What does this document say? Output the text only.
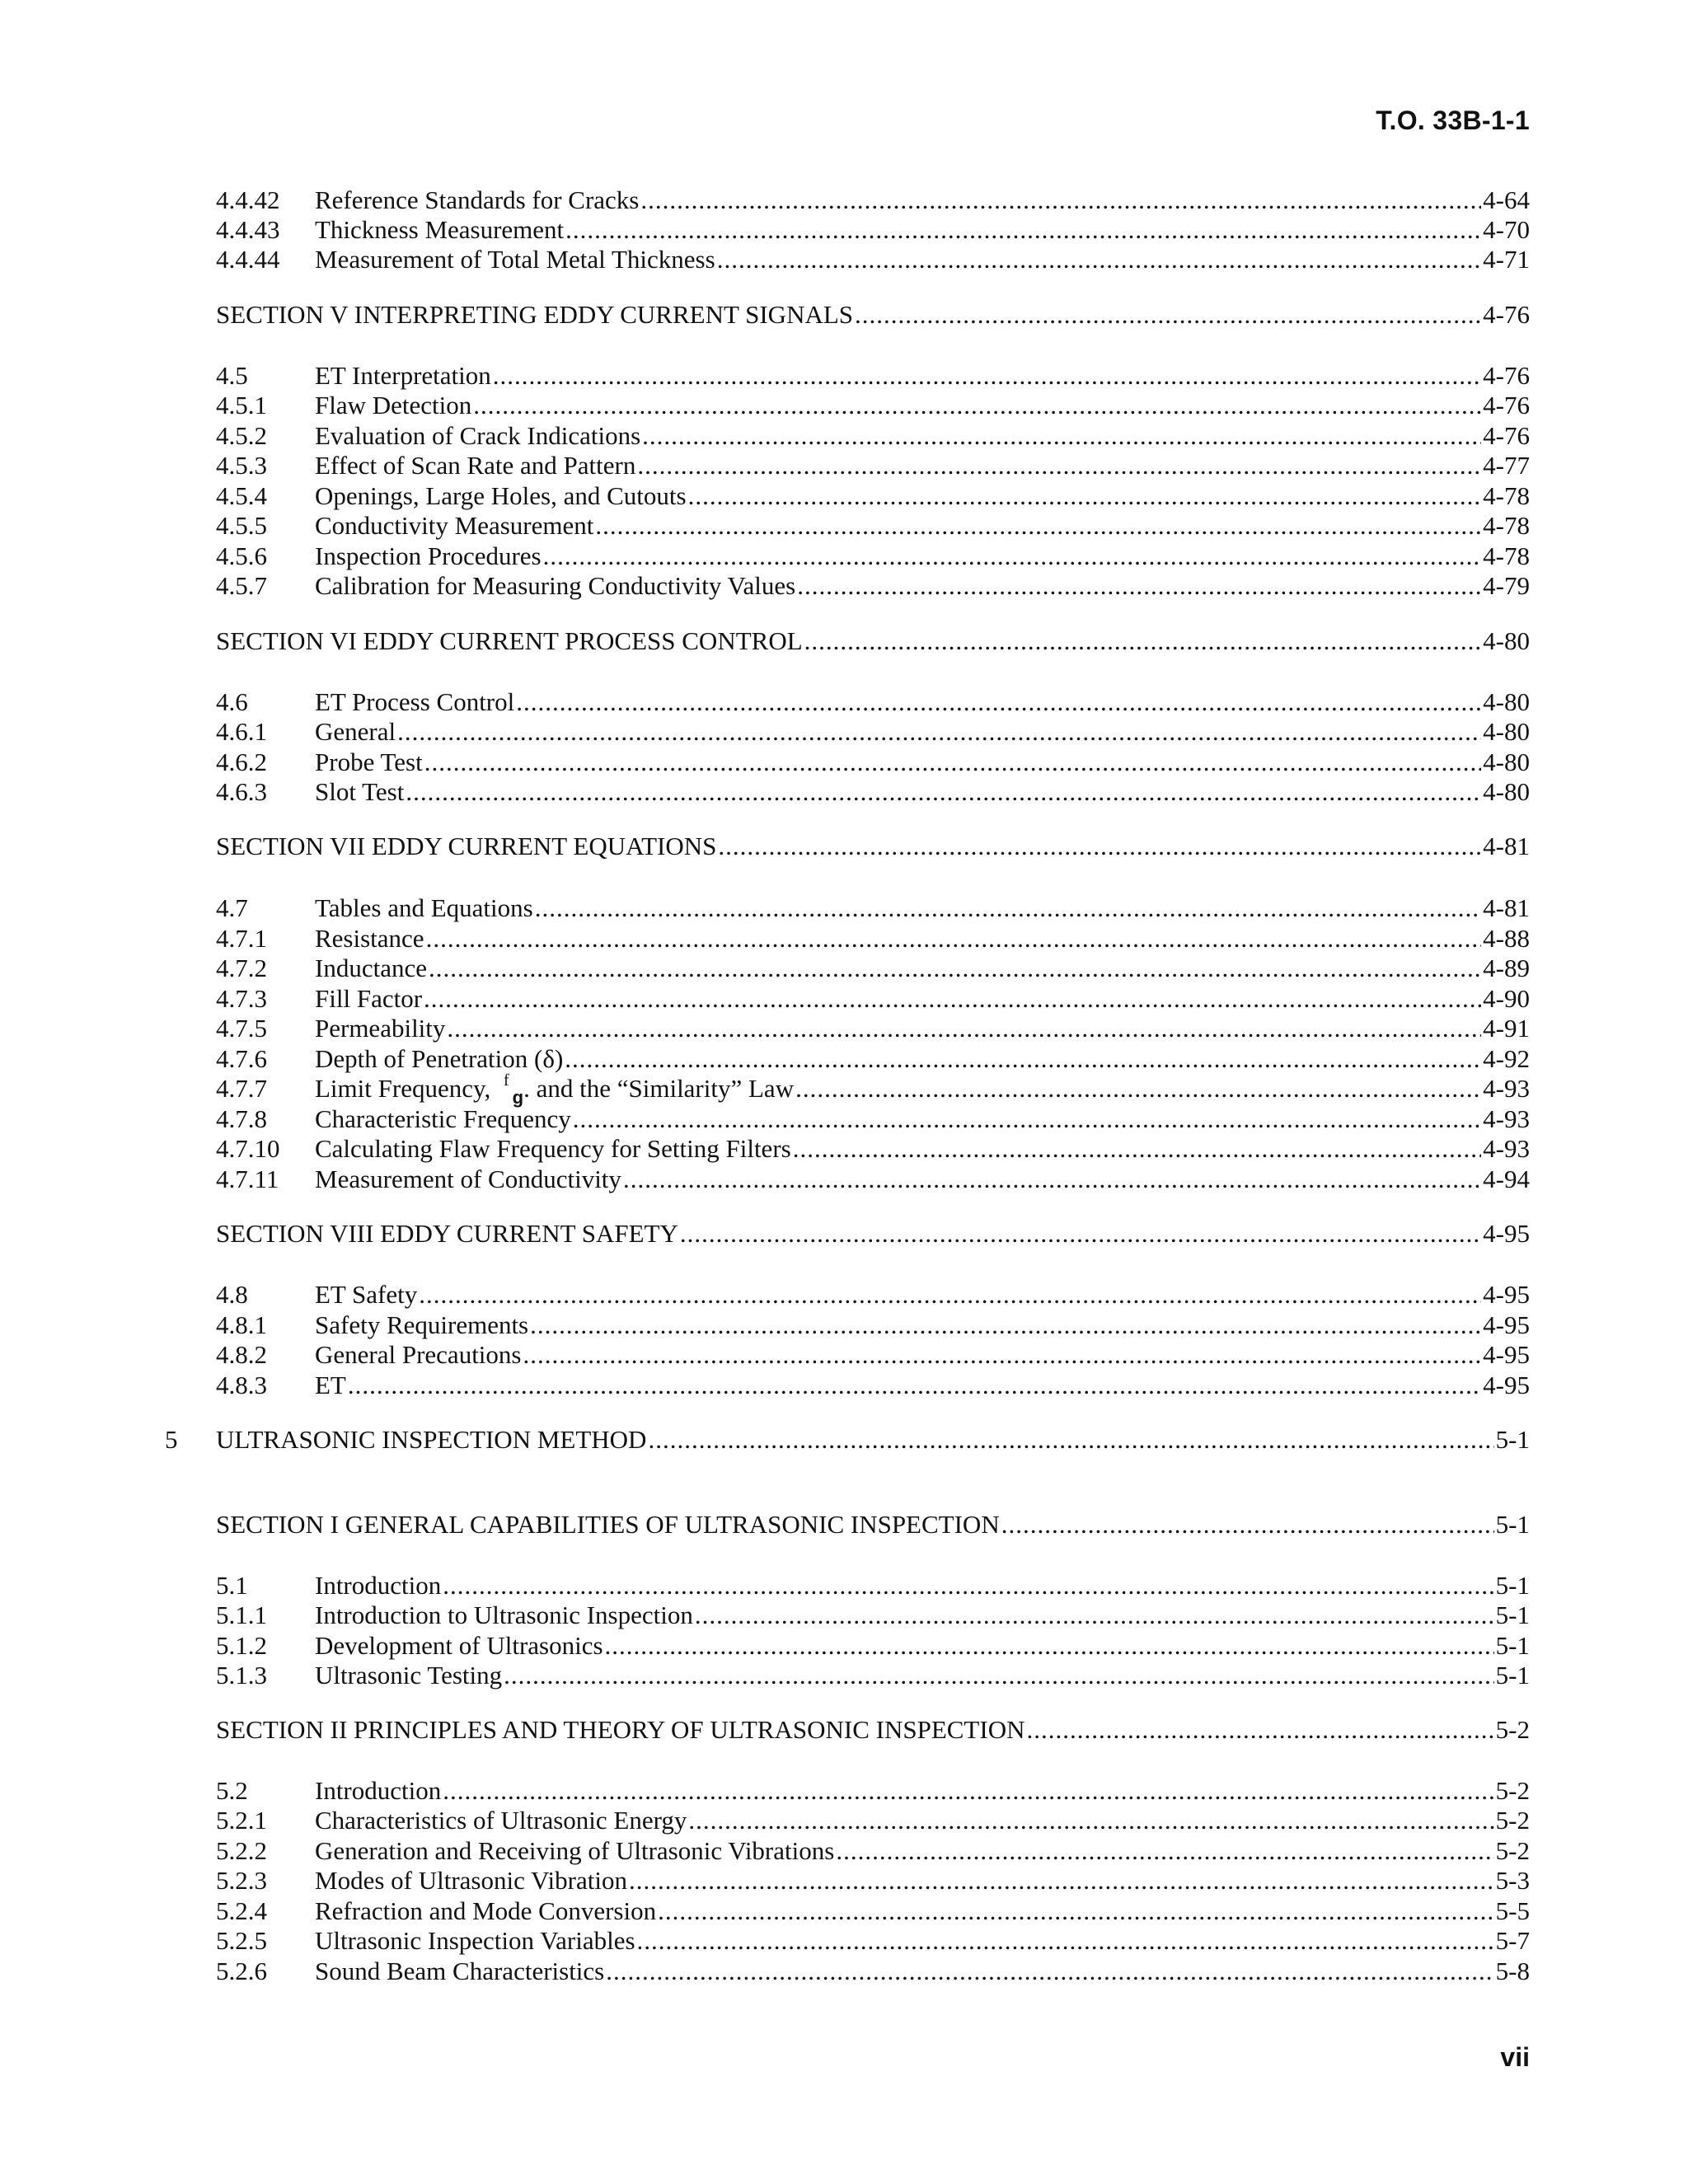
T.O. 33B-1-1
4.4.42	Reference Standards for Cracks .....	4-64
4.4.43	Thickness Measurement .....	4-70
4.4.44	Measurement of Total Metal Thickness .....	4-71
SECTION V INTERPRETING EDDY CURRENT SIGNALS .....	4-76
4.5	ET Interpretation .....	4-76
4.5.1	Flaw Detection .....	4-76
4.5.2	Evaluation of Crack Indications .....	4-76
4.5.3	Effect of Scan Rate and Pattern .....	4-77
4.5.4	Openings, Large Holes, and Cutouts .....	4-78
4.5.5	Conductivity Measurement .....	4-78
4.5.6	Inspection Procedures .....	4-78
4.5.7	Calibration for Measuring Conductivity Values .....	4-79
SECTION VI EDDY CURRENT PROCESS CONTROL .....	4-80
4.6	ET Process Control .....	4-80
4.6.1	General .....	4-80
4.6.2	Probe Test .....	4-80
4.6.3	Slot Test .....	4-80
SECTION VII EDDY CURRENT EQUATIONS .....	4-81
4.7	Tables and Equations .....	4-81
4.7.1	Resistance .....	4-88
4.7.2	Inductance .....	4-89
4.7.3	Fill Factor .....	4-90
4.7.5	Permeability .....	4-91
4.7.6	Depth of Penetration (δ) .....	4-92
4.7.7	Limit Frequency, $^f_g$. and the “Similarity” Law .....	4-93
4.7.8	Characteristic Frequency .....	4-93
4.7.10	Calculating Flaw Frequency for Setting Filters .....	4-93
4.7.11	Measurement of Conductivity .....	4-94
SECTION VIII EDDY CURRENT SAFETY .....	4-95
4.8	ET Safety .....	4-95
4.8.1	Safety Requirements .....	4-95
4.8.2	General Precautions .....	4-95
4.8.3	ET .....	4-95
5	ULTRASONIC INSPECTION METHOD .....	5-1
SECTION I GENERAL CAPABILITIES OF ULTRASONIC INSPECTION .....	5-1
5.1	Introduction .....	5-1
5.1.1	Introduction to Ultrasonic Inspection .....	5-1
5.1.2	Development of Ultrasonics .....	5-1
5.1.3	Ultrasonic Testing .....	5-1
SECTION II PRINCIPLES AND THEORY OF ULTRASONIC INSPECTION .....	5-2
5.2	Introduction .....	5-2
5.2.1	Characteristics of Ultrasonic Energy .....	5-2
5.2.2	Generation and Receiving of Ultrasonic Vibrations .....	5-2
5.2.3	Modes of Ultrasonic Vibration .....	5-3
5.2.4	Refraction and Mode Conversion .....	5-5
5.2.5	Ultrasonic Inspection Variables .....	5-7
5.2.6	Sound Beam Characteristics .....	5-8
vii
